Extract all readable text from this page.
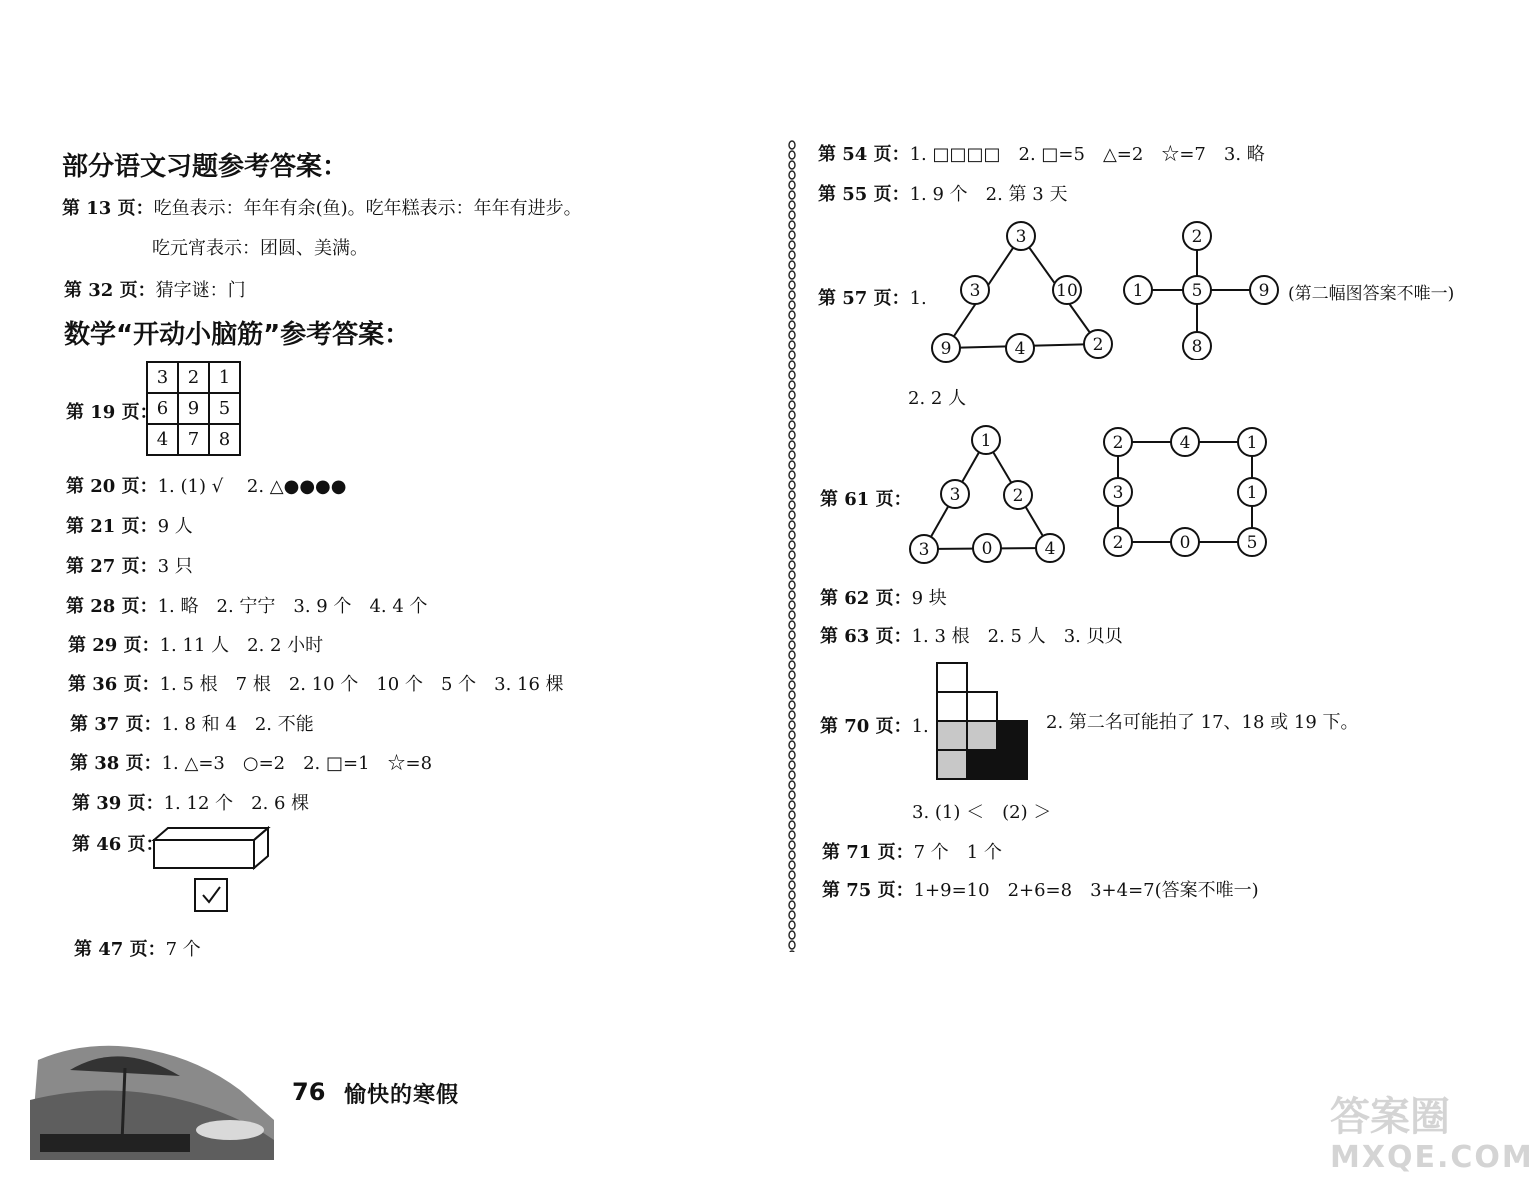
部分语文习题参考答案：
第 13 页：吃鱼表示：年年有余(鱼)。吃年糕表示：年年有进步。
吃元宵表示：团圆、美满。
第 32 页：猜字谜：门
数学“开动小脑筋”参考答案：
第 19 页：
3	2	1
6	9	5
4	7	8
第 20 页：1. (1) √　 2. △●●●●
第 21 页：9 人
第 27 页：3 只
第 28 页：1. 略　2. 宁宁　3. 9 个　4. 4 个
第 29 页：1. 11 人　2. 2 小时
第 36 页：1. 5 根　7 根　2. 10 个　10 个　5 个　3. 16 棵
第 37 页：1. 8 和 4　2. 不能
第 38 页：1. △=3　○=2　2. □=1　☆=8
第 39 页：1. 12 个　2. 6 棵
第 46 页：
第 47 页：7 个
第 54 页：1. □□□□　2. □=5　△=2　☆=7　3. 略
第 55 页：1. 9 个　2. 第 3 天
第 57 页：1.
3
3	10
9	4	2
2
1	5	9
8
(第二幅图答案不唯一)
2. 2 人
第 61 页：
1
3	2
3	0	4
2	4	1
3	1
2	0	5
第 62 页：9 块
第 63 页：1. 3 根　2. 5 人　3. 贝贝
第 70 页：1.	2. 第二名可能拍了 17、18 或 19 下。
3. (1) ＜　(2) ＞
第 71 页：7 个　1 个
第 75 页：1+9=10　2+6=8　3+4=7(答案不唯一)
76 愉快的寒假	答案圈
MXQE.COM
